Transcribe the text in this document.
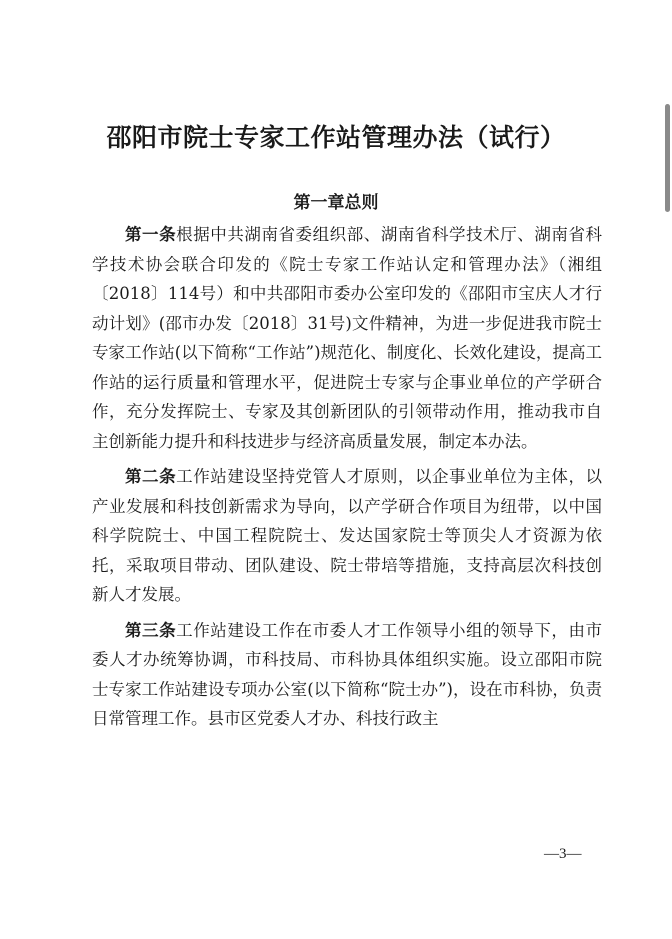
邵阳市院士专家工作站管理办法（试行）
第一章总则

第一条根据中共湖南省委组织部、湖南省科学技术厅、湖南省科学技术协会联合印发的《院士专家工作站认定和管理办法》（湘组〔2018〕114号）和中共邵阳市委办公室印发的《邵阳市宝庆人才行动计划》(邵市办发〔2018〕31号)文件精神，为进一步促进我市院士专家工作站(以下简称“工作站”)规范化、制度化、长效化建设，提高工作站的运行质量和管理水平，促进院士专家与企事业单位的产学研合作，充分发挥院士、专家及其创新团队的引领带动作用，推动我市自主创新能力提升和科技进步与经济高质量发展，制定本办法。

第二条工作站建设坚持党管人才原则，以企事业单位为主体，以产业发展和科技创新需求为导向，以产学研合作项目为纽带，以中国科学院院士、中国工程院院士、发达国家院士等顶尖人才资源为依托，采取项目带动、团队建设、院士带培等措施，支持高层次科技创新人才发展。

第三条工作站建设工作在市委人才工作领导小组的领导下，由市委人才办统筹协调，市科技局、市科协具体组织实施。设立邵阳市院士专家工作站建设专项办公室(以下简称“院士办”)，设在市科协，负责日常管理工作。县市区党委人才办、科技行政主

—3—
